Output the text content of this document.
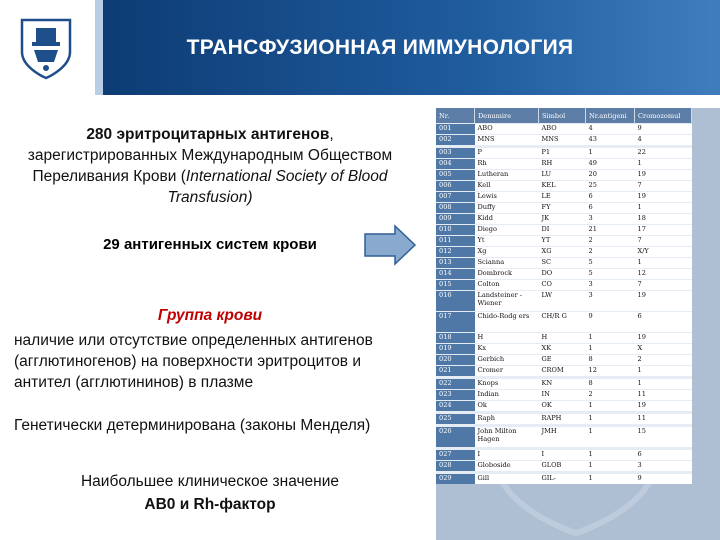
ТРАНСФУЗИОННАЯ ИММУНОЛОГИЯ
280 эритроцитарных антигенов, зарегистрированных Международным Обществом Переливания Крови (International Society of Blood Transfusion)
29 антигенных систем крови
Группа крови
наличие или отсутствие определенных антигенов (агглютиногенов) на поверхности эритроцитов и антител (агглютининов) в плазме
Генетически детерминирована (законы Менделя)
Наибольшее клиническое значение
AB0 и Rh-фактор
Nr.	Denumire	Simbol	Nr.antigeni	Cromozomul
001	ABO	ABO	4	9
002	MNS	MNS	43	4
003	P	P1	1	22
004	Rh	RH	49	1
005	Lutheran	LU	20	19
006	Kell	KEL	25	7
007	Lewis	LE	6	19
008	Duffy	FY	6	1
009	Kidd	JK	3	18
010	Diego	DI	21	17
011	Yt	YT	2	7
012	Xg	XG	2	X/Y
013	Scianna	SC	5	1
014	Dombrock	DO	5	12
015	Colton	CO	3	7
016	Landsteiner -Wiener	LW	3	19
017	Chido-Rodg ers	CH/R G	9	6
018	H	H	1	19
019	Kx	XK	1	X
020	Gerbich	GE	8	2
021	Cromer	CROM	12	1
022	Knops	KN	8	1
023	Indian	IN	2	11
024	Ok	OK	1	19
025	Raph	RAPH	1	11
026	John Milton Hagen	JMH	1	15
027	I	I	1	6
028	Globoside	GLOB	1	3
029	Gill	GIL-	1	9
